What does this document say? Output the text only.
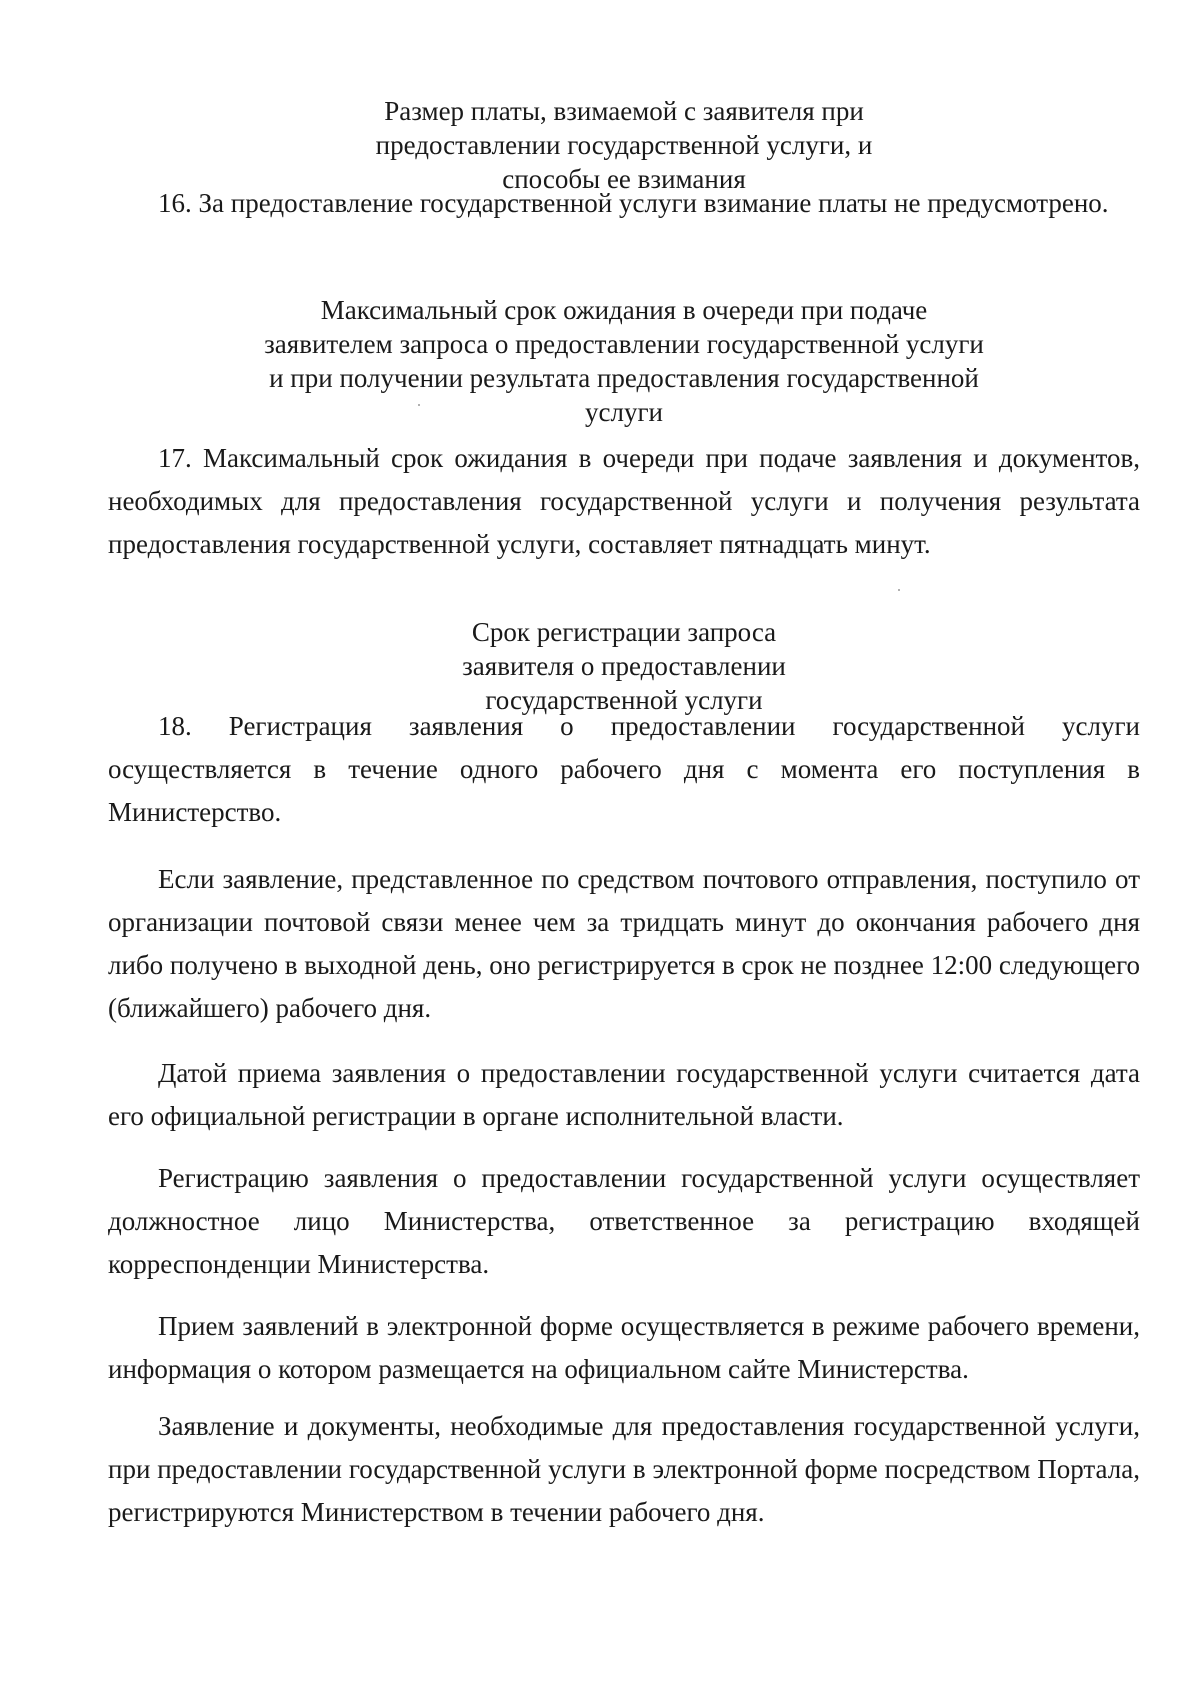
Размер платы, взимаемой с заявителя при предоставлении государственной услуги, и способы ее взимания

16. За предоставление государственной услуги взимание платы не предусмотрено.

Максимальный срок ожидания в очереди при подаче заявителем запроса о предоставлении государственной услуги и при получении результата предоставления государственной услуги

17. Максимальный срок ожидания в очереди при подаче заявления и документов, необходимых для предоставления государственной услуги и получения результата предоставления государственной услуги, составляет пятнадцать минут.

Срок регистрации запроса заявителя о предоставлении государственной услуги

18. Регистрация заявления о предоставлении государственной услуги осуществляется в течение одного рабочего дня с момента его поступления в Министерство.

Если заявление, представленное по средством почтового отправления, поступило от организации почтовой связи менее чем за тридцать минут до окончания рабочего дня либо получено в выходной день, оно регистрируется в срок не позднее 12:00 следующего (ближайшего) рабочего дня.

Датой приема заявления о предоставлении государственной услуги считается дата его официальной регистрации в органе исполнительной власти.

Регистрацию заявления о предоставлении государственной услуги осуществляет должностное лицо Министерства, ответственное за регистрацию входящей корреспонденции Министерства.

Прием заявлений в электронной форме осуществляется в режиме рабочего времени, информация о котором размещается на официальном сайте Министерства.

Заявление и документы, необходимые для предоставления государственной услуги, при предоставлении государственной услуги в электронной форме посредством Портала, регистрируются Министерством в течении рабочего дня.
